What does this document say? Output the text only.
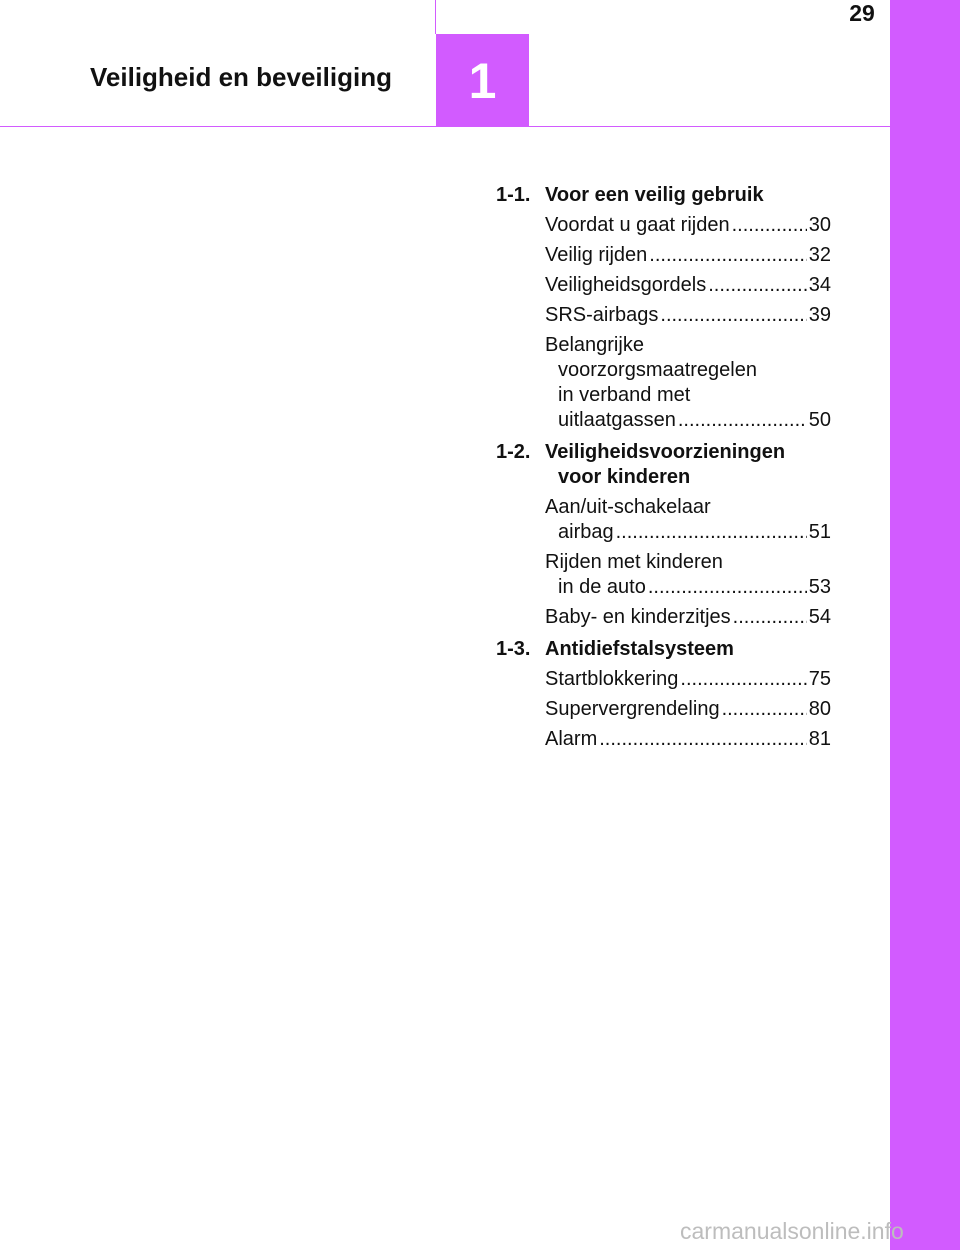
29
Veiligheid en beveiliging 1
1-1. Voor een veilig gebruik
Voordat u gaat rijden .....	30
Veilig rijden .....	32
Veiligheidsgordels .....	34
SRS-airbags .....	39
Belangrijke
voorzorgsmaatregelen
in verband met
uitlaatgassen .....	50
1-2. Veiligheidsvoorzieningen
voor kinderen
Aan/uit-schakelaar
airbag .....	51
Rijden met kinderen
in de auto .....	53
Baby- en kinderzitjes .....	54
1-3. Antidiefstalsysteem
Startblokkering .....	75
Supervergrendeling .....	80
Alarm .....	81
carmanualsonline.info
